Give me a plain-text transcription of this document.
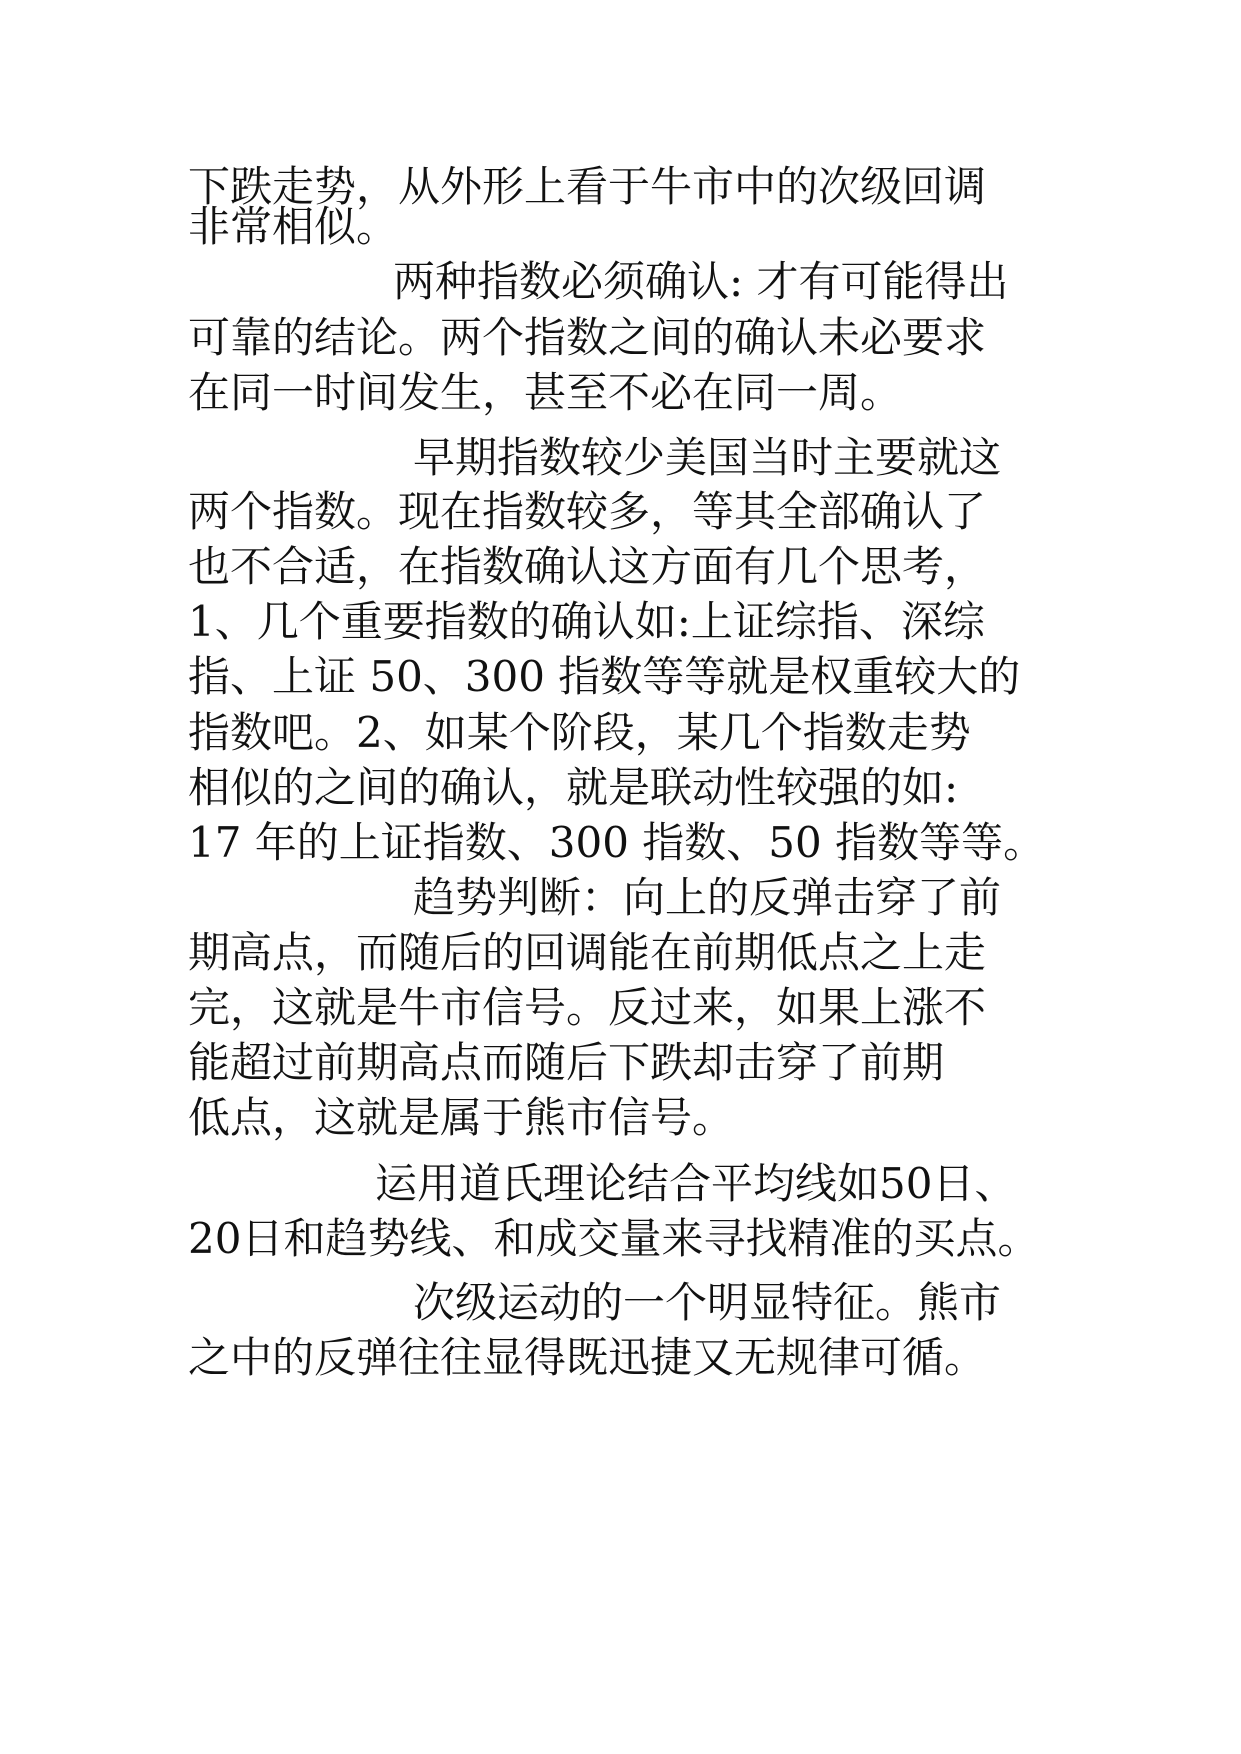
下跌走势，从外形上看于牛市中的次级回调
非常相似。
两种指数必须确认: 才有可能得出
可靠的结论。两个指数之间的确认未必要求
在同一时间发生，甚至不必在同一周。
早期指数较少美国当时主要就这
两个指数。现在指数较多，等其全部确认了
也不合适，在指数确认这方面有几个思考，
1、几个重要指数的确认如:上证综指、深综
指、上证 50、300 指数等等就是权重较大的
指数吧。2、如某个阶段，某几个指数走势
相似的之间的确认，就是联动性较强的如:
17 年的上证指数、300 指数、50 指数等等。
趋势判断：向上的反弹击穿了前
期高点，而随后的回调能在前期低点之上走
完，这就是牛市信号。反过来，如果上涨不
能超过前期高点而随后下跌却击穿了前期
低点，这就是属于熊市信号。
运用道氏理论结合平均线如50日、
20日和趋势线、和成交量来寻找精准的买点。
次级运动的一个明显特征。熊市
之中的反弹往往显得既迅捷又无规律可循。
